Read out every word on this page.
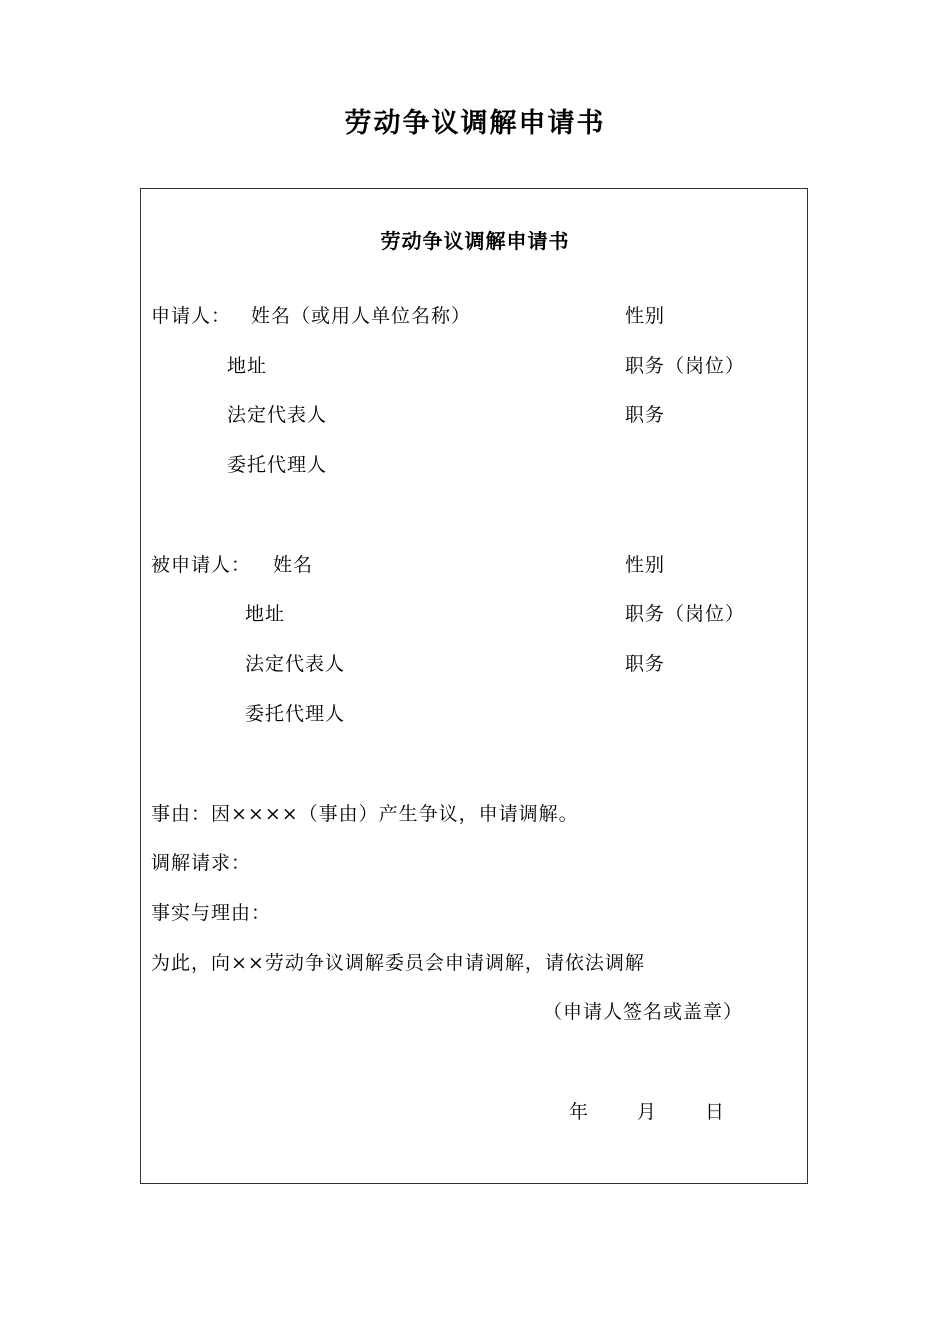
劳动争议调解申请书
劳动争议调解申请书
申请人： 姓名（或用人单位名称）	性别
地址	职务（岗位）
法定代表人	职务
委托代理人
被申请人： 姓名	性别
地址	职务（岗位）
法定代表人	职务
委托代理人
事由：因××××（事由）产生争议，申请调解。
调解请求：
事实与理由：
为此，向××劳动争议调解委员会申请调解，请依法调解
（申请人签名或盖章）
年	月	日
